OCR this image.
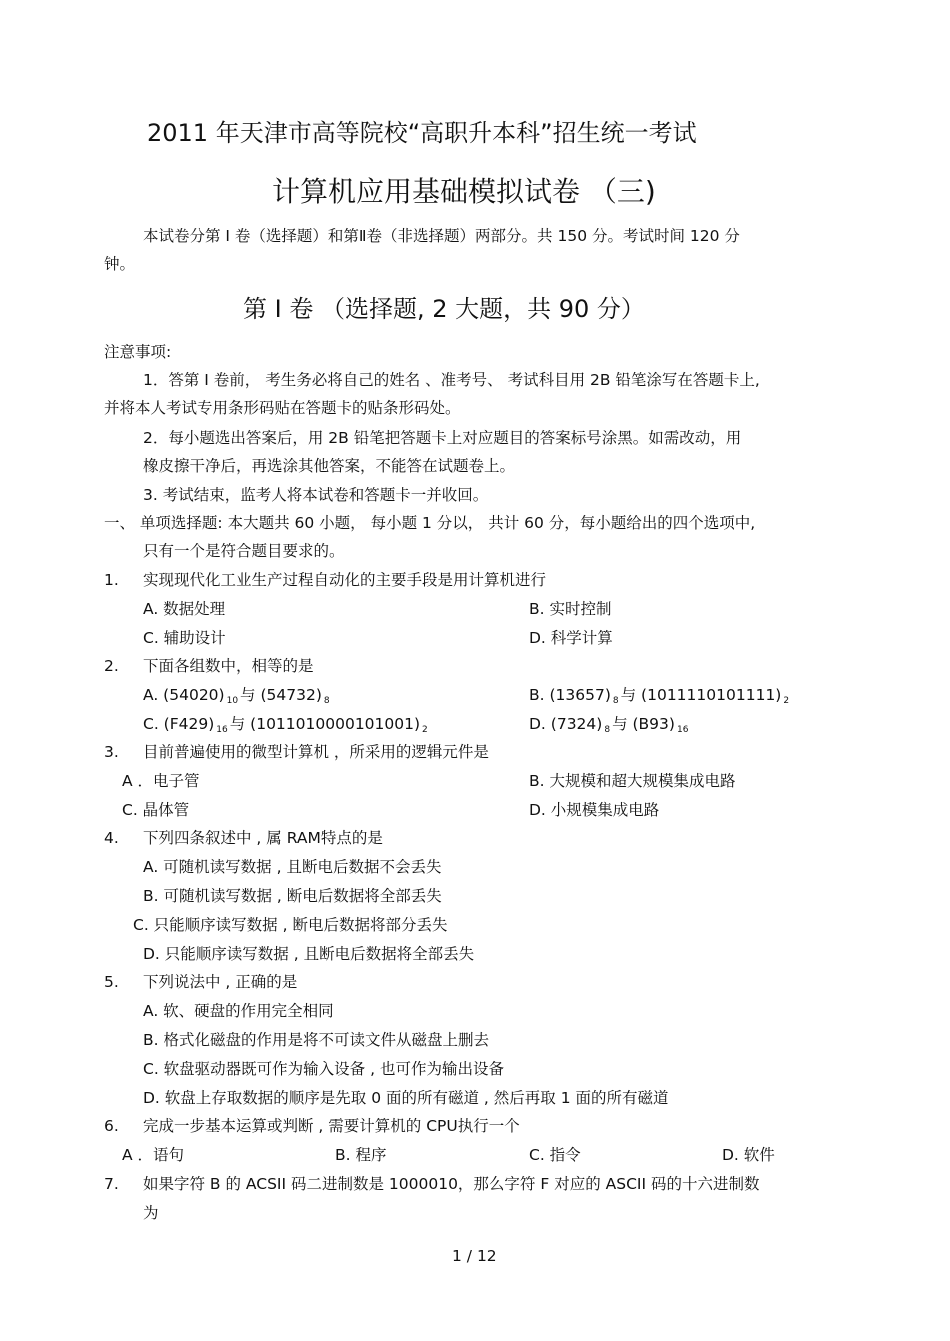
2011 年天津市高等院校“高职升本科”招生统一考试
计算机应用基础模拟试卷 （三)
本试卷分第 Ⅰ 卷（选择题）和第Ⅱ卷（非选择题）两部分。共 150 分。考试时间 120 分
钟。
第 Ⅰ 卷 （选择题, 2 大题，共 90 分）
注意事项:
1．答第 Ⅰ 卷前， 考生务必将自己的姓名 、准考号、 考试科目用 2B 铅笔涂写在答题卡上,
并将本人考试专用条形码贴在答题卡的贴条形码处。
2．每小题选出答案后，用 2B 铅笔把答题卡上对应题目的答案标号涂黑。如需改动，用
橡皮擦干净后，再选涂其他答案，不能答在试题卷上。
3. 考试结束，监考人将本试卷和答题卡一并收回。
一、 单项选择题: 本大题共 60 小题， 每小题 1 分以， 共计 60 分，每小题给出的四个选项中,
只有一个是符合题目要求的。
1. 实现现代化工业生产过程自动化的主要手段是用计算机进行
A. 数据处理	B. 实时控制
C. 辅助设计	D. 科学计算
2. 下面各组数中，相等的是
A. (54020) $_{10}$ 与 (54732) $_8$	B. (13657) $_8$ 与 (1011110101111) $_2$
C. (F429) $_{16}$ 与 (1011010000101001) $_2$	D. (7324) $_8$ 与 (B93) $_{16}$
3. 目前普遍使用的微型计算机 ，所采用的逻辑元件是
A ．电子管	B. 大规模和超大规模集成电路
C. 晶体管	D. 小规模集成电路
4. 下列四条叙述中 , 属 RAM特点的是
A. 可随机读写数据 , 且断电后数据不会丢失
B. 可随机读写数据 , 断电后数据将全部丢失
C. 只能顺序读写数据 , 断电后数据将部分丢失
D. 只能顺序读写数据 , 且断电后数据将全部丢失
5. 下列说法中 , 正确的是
A. 软、硬盘的作用完全相同
B. 格式化磁盘的作用是将不可读文件从磁盘上删去
C. 软盘驱动器既可作为输入设备 , 也可作为输出设备
D. 软盘上存取数据的顺序是先取 0 面的所有磁道 , 然后再取 1 面的所有磁道
6. 完成一步基本运算或判断 , 需要计算机的 CPU执行一个
A ．语句	B. 程序	C. 指令	D. 软件
7. 如果字符 B 的 ACSII 码二进制数是 1000010，那么字符 F 对应的 ASCII 码的十六进制数
为
1 / 12
